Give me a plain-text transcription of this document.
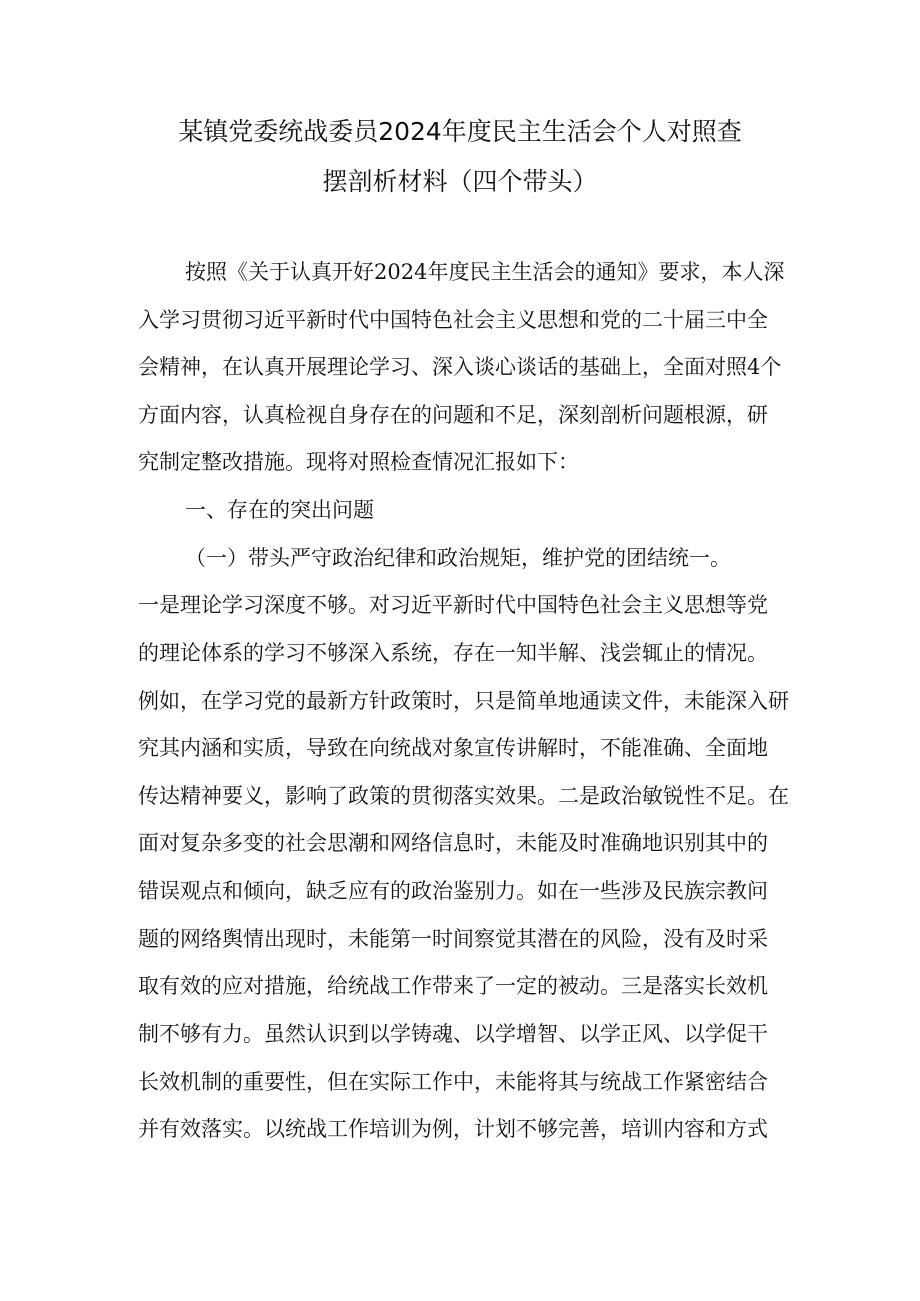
某镇党委统战委员2024年度民主生活会个人对照查
摆剖析材料（四个带头）
按照《关于认真开好2024年度民主生活会的通知》要求，本人深
入学习贯彻习近平新时代中国特色社会主义思想和党的二十届三中全
会精神，在认真开展理论学习、深入谈心谈话的基础上，全面对照4个
方面内容，认真检视自身存在的问题和不足，深刻剖析问题根源，研
究制定整改措施。现将对照检查情况汇报如下：
一、存在的突出问题
（一）带头严守政治纪律和政治规矩，维护党的团结统一。
一是理论学习深度不够。对习近平新时代中国特色社会主义思想等党
的理论体系的学习不够深入系统，存在一知半解、浅尝辄止的情况。
例如，在学习党的最新方针政策时，只是简单地通读文件，未能深入研
究其内涵和实质，导致在向统战对象宣传讲解时，不能准确、全面地
传达精神要义，影响了政策的贯彻落实效果。二是政治敏锐性不足。在
面对复杂多变的社会思潮和网络信息时，未能及时准确地识别其中的
错误观点和倾向，缺乏应有的政治鉴别力。如在一些涉及民族宗教问
题的网络舆情出现时，未能第一时间察觉其潜在的风险，没有及时采
取有效的应对措施，给统战工作带来了一定的被动。三是落实长效机
制不够有力。虽然认识到以学铸魂、以学增智、以学正风、以学促干
长效机制的重要性，但在实际工作中，未能将其与统战工作紧密结合
并有效落实。以统战工作培训为例，计划不够完善，培训内容和方式
